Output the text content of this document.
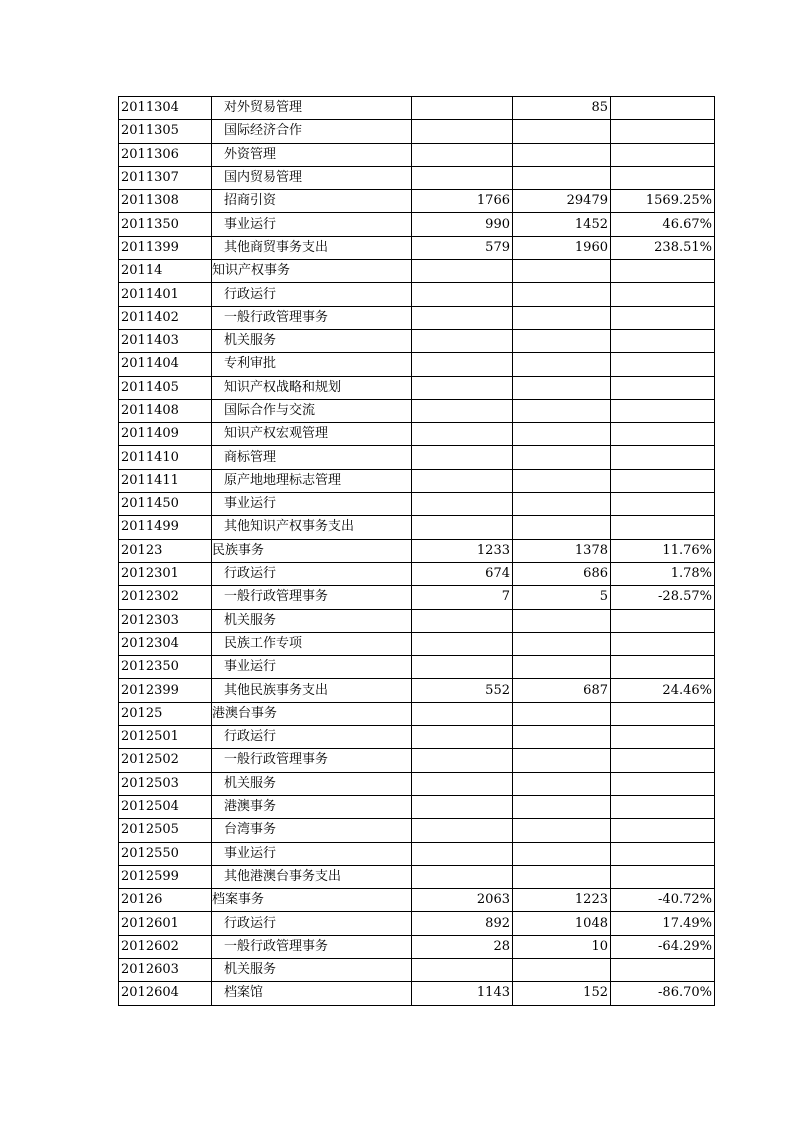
2011304	对外贸易管理		85	
2011305	国际经济合作			
2011306	外资管理			
2011307	国内贸易管理			
2011308	招商引资	1766	29479	1569.25%
2011350	事业运行	990	1452	46.67%
2011399	其他商贸事务支出	579	1960	238.51%
20114	知识产权事务			
2011401	行政运行			
2011402	一般行政管理事务			
2011403	机关服务			
2011404	专利审批			
2011405	知识产权战略和规划			
2011408	国际合作与交流			
2011409	知识产权宏观管理			
2011410	商标管理			
2011411	原产地地理标志管理			
2011450	事业运行			
2011499	其他知识产权事务支出			
20123	民族事务	1233	1378	11.76%
2012301	行政运行	674	686	1.78%
2012302	一般行政管理事务	7	5	-28.57%
2012303	机关服务			
2012304	民族工作专项			
2012350	事业运行			
2012399	其他民族事务支出	552	687	24.46%
20125	港澳台事务			
2012501	行政运行			
2012502	一般行政管理事务			
2012503	机关服务			
2012504	港澳事务			
2012505	台湾事务			
2012550	事业运行			
2012599	其他港澳台事务支出			
20126	档案事务	2063	1223	-40.72%
2012601	行政运行	892	1048	17.49%
2012602	一般行政管理事务	28	10	-64.29%
2012603	机关服务			
2012604	档案馆	1143	152	-86.70%
